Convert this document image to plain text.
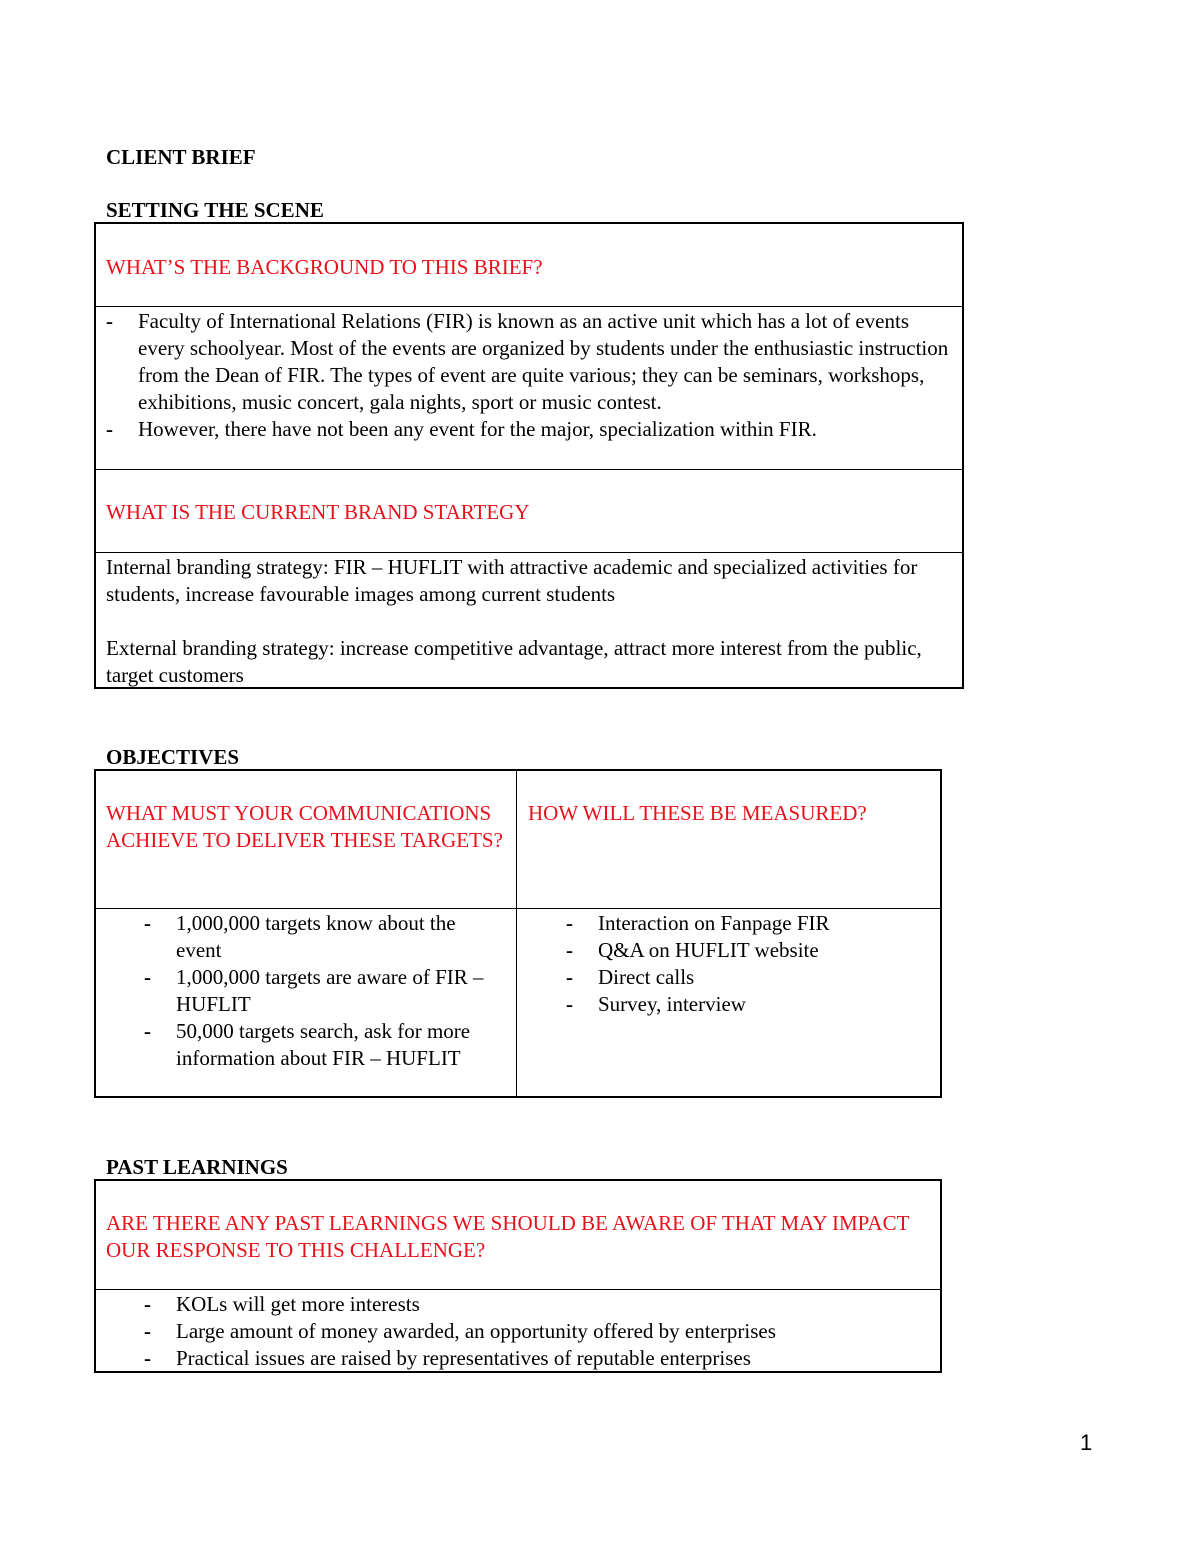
CLIENT BRIEF
SETTING THE SCENE
WHAT’S THE BACKGROUND TO THIS BRIEF?
- Faculty of International Relations (FIR) is known as an active unit which has a lot of events every schoolyear. Most of the events are organized by students under the enthusiastic instruction from the Dean of FIR. The types of event are quite various; they can be seminars, workshops, exhibitions, music concert, gala nights, sport or music contest.
- However, there have not been any event for the major, specialization within FIR.
WHAT IS THE CURRENT BRAND STARTEGY

Internal branding strategy: FIR – HUFLIT with attractive academic and specialized activities for students, increase favourable images among current students

External branding strategy: increase competitive advantage, attract more interest from the public, target customers

OBJECTIVES
WHAT MUST YOUR COMMUNICATIONS ACHIEVE TO DELIVER THESE TARGETS?
HOW WILL THESE BE MEASURED?
- 1,000,000 targets know about the event
- 1,000,000 targets are aware of FIR – HUFLIT
- 50,000 targets search, ask for more information about FIR – HUFLIT
- Interaction on Fanpage FIR
- Q&A on HUFLIT website
- Direct calls
- Survey, interview
PAST LEARNINGS
ARE THERE ANY PAST LEARNINGS WE SHOULD BE AWARE OF THAT MAY IMPACT OUR RESPONSE TO THIS CHALLENGE?
- KOLs will get more interests
- Large amount of money awarded, an opportunity offered by enterprises
- Practical issues are raised by representatives of reputable enterprises
1
